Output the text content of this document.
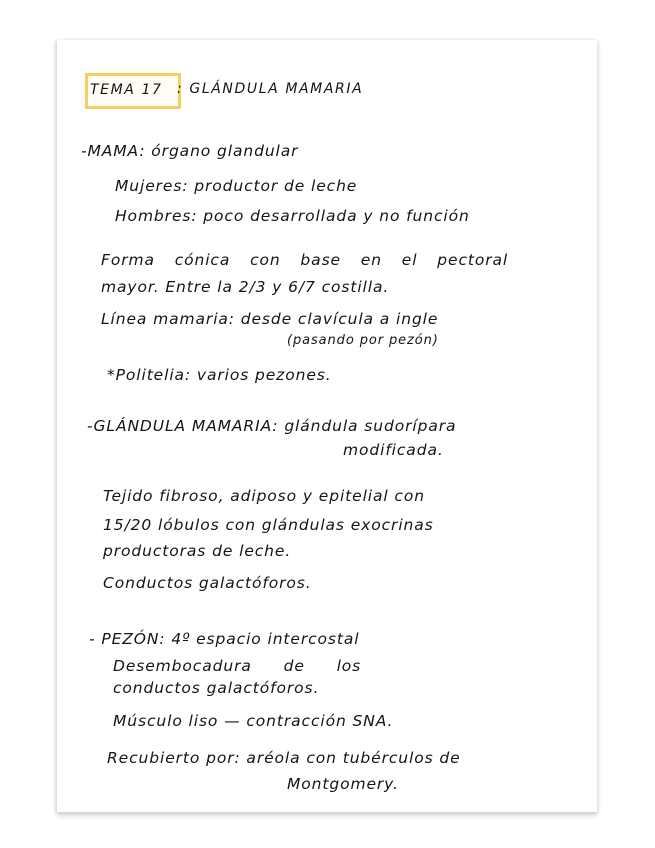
TEMA 17 : GLÁNDULA MAMARIA
-MAMA: órgano glandular
Mujeres: productor de leche
Hombres: poco desarrollada y no función
Forma cónica con base en el pectoral
mayor. Entre la 2/3 y 6/7 costilla.
Línea mamaria: desde clavícula a ingle
(pasando por pezón)
*Politelia: varios pezones.
-GLÁNDULA MAMARIA: glándula sudorípara
modificada.
Tejido fibroso, adiposo y epitelial con
15/20 lóbulos con glándulas exocrinas
productoras de leche.
Conductos galactóforos.
- PEZÓN: 4º espacio intercostal
Desembocadura de los
conductos galactóforos.
Músculo liso — contracción SNA.
Recubierto por: aréola con tubérculos de
Montgomery.
